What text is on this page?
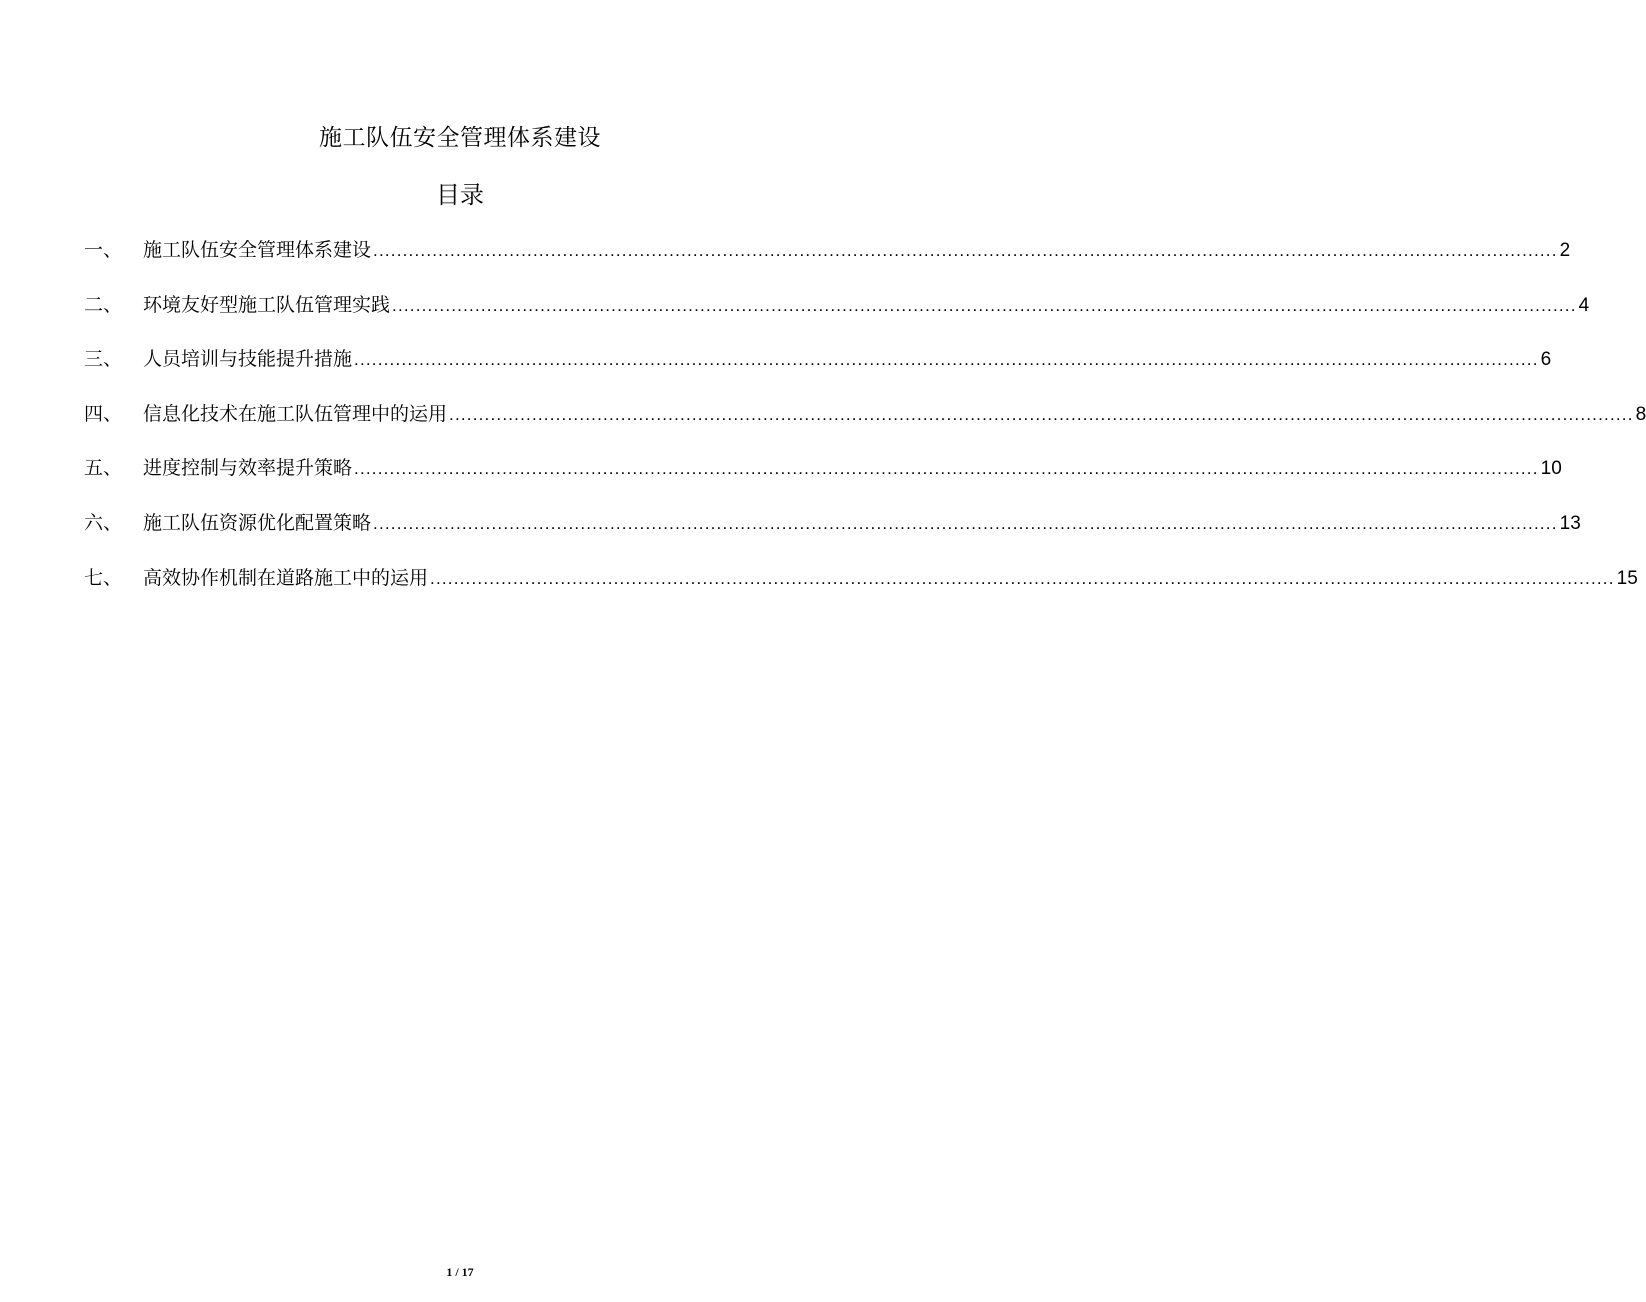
施工队伍安全管理体系建设
目录
一、	施工队伍安全管理体系建设 ........................................................................................................................................................................................................ 2
二、	环境友好型施工队伍管理实践 ........................................................................................................................................................................................................ 4
三、	人员培训与技能提升措施 ........................................................................................................................................................................................................ 6
四、	信息化技术在施工队伍管理中的运用 ........................................................................................................................................................................................................ 8
五、	进度控制与效率提升策略 ........................................................................................................................................................................................................ 10
六、	施工队伍资源优化配置策略 ........................................................................................................................................................................................................ 13
七、	高效协作机制在道路施工中的运用 ........................................................................................................................................................................................................ 15
1 / 17
